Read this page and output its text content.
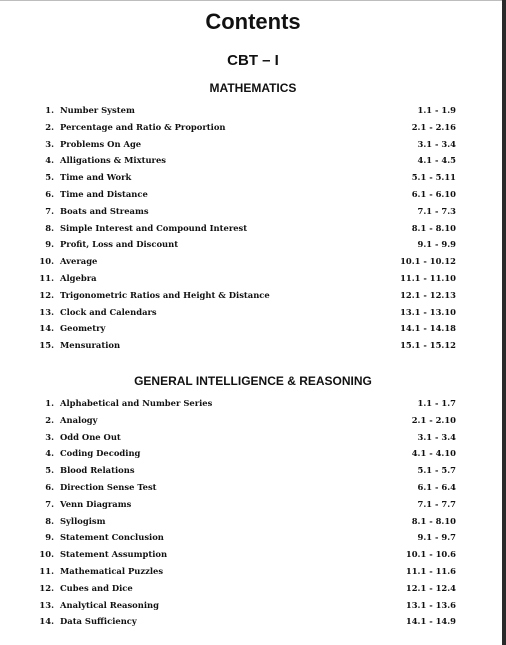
Contents
CBT – I
MATHEMATICS
1. Number System	1.1 - 1.9
2. Percentage and Ratio & Proportion	2.1 - 2.16
3. Problems On Age	3.1 - 3.4
4. Alligations & Mixtures	4.1 - 4.5
5. Time and Work	5.1 - 5.11
6. Time and Distance	6.1 - 6.10
7. Boats and Streams	7.1 - 7.3
8. Simple Interest and Compound Interest	8.1 - 8.10
9. Profit, Loss and Discount	9.1 - 9.9
10. Average	10.1 - 10.12
11. Algebra	11.1 - 11.10
12. Trigonometric Ratios and Height & Distance	12.1 - 12.13
13. Clock and Calendars	13.1 - 13.10
14. Geometry	14.1 - 14.18
15. Mensuration	15.1 - 15.12
GENERAL INTELLIGENCE & REASONING
1. Alphabetical and Number Series	1.1 - 1.7
2. Analogy	2.1 - 2.10
3. Odd One Out	3.1 - 3.4
4. Coding Decoding	4.1 - 4.10
5. Blood Relations	5.1 - 5.7
6. Direction Sense Test	6.1 - 6.4
7. Venn Diagrams	7.1 - 7.7
8. Syllogism	8.1 - 8.10
9. Statement Conclusion	9.1 - 9.7
10. Statement Assumption	10.1 - 10.6
11. Mathematical Puzzles	11.1 - 11.6
12. Cubes and Dice	12.1 - 12.4
13. Analytical Reasoning	13.1 - 13.6
14. Data Sufficiency	14.1 - 14.9
